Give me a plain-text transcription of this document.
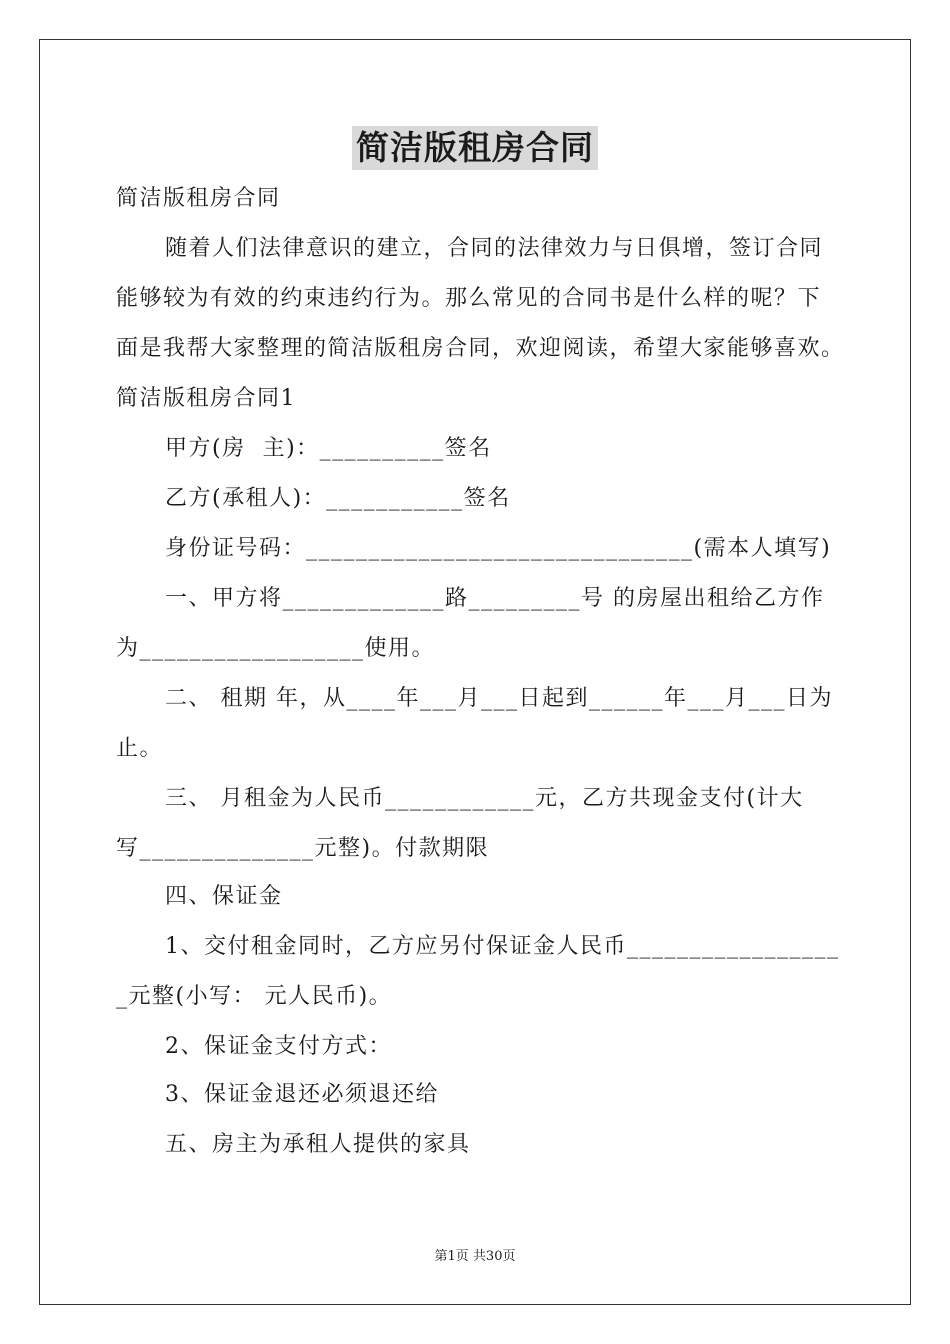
简洁版租房合同
简洁版租房合同
随着人们法律意识的建立，合同的法律效力与日俱增，签订合同
能够较为有效的约束违约行为。那么常见的合同书是什么样的呢？下
面是我帮大家整理的简洁版租房合同，欢迎阅读，希望大家能够喜欢。
简洁版租房合同1
甲方(房  主)：__________签名
乙方(承租人)：___________签名
身份证号码：_______________________________(需本人填写)
一、甲方将_____________路_________号 的房屋出租给乙方作
为__________________使用。
二、 租期 年，从____年___月___日起到______年___月___日为
止。
三、 月租金为人民币____________元，乙方共现金支付(计大
写______________元整)。付款期限
四、保证金
1、交付租金同时，乙方应另付保证金人民币_________________
_元整(小写： 元人民币)。
2、保证金支付方式：
3、保证金退还必须退还给
五、房主为承租人提供的家具
第1页 共30页
